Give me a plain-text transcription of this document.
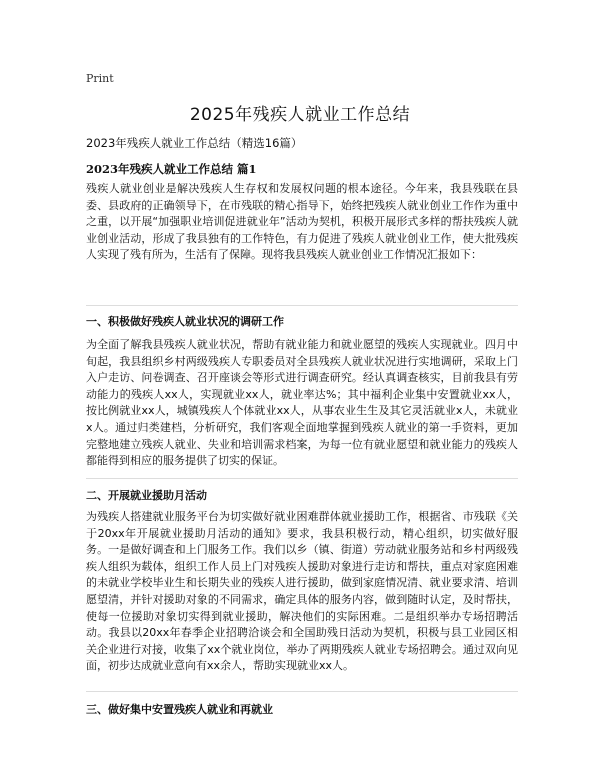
Print
2025年残疾人就业工作总结

2023年残疾人就业工作总结（精选16篇）

2023年残疾人就业工作总结 篇1

残疾人就业创业是解决残疾人生存权和发展权问题的根本途径。今年来，我县残联在县委、县政府的正确领导下，在市残联的精心指导下，始终把残疾人就业创业工作作为重中之重，以开展“加强职业培训促进就业年”活动为契机，积极开展形式多样的帮扶残疾人就业创业活动，形成了我县独有的工作特色，有力促进了残疾人就业创业工作，使大批残疾人实现了残有所为，生活有了保障。现将我县残疾人就业创业工作情况汇报如下：

一、积极做好残疾人就业状况的调研工作

为全面了解我县残疾人就业状况，帮助有就业能力和就业愿望的残疾人实现就业。四月中旬起，我县组织乡村两级残疾人专职委员对全县残疾人就业状况进行实地调研，采取上门入户走访、问卷调查、召开座谈会等形式进行调查研究。经认真调查核实，目前我县有劳动能力的残疾人xx人，实现就业xx人，就业率达%；其中福利企业集中安置就业xx人，按比例就业xx人，城镇残疾人个体就业xx人，从事农业生生及其它灵活就业x人，未就业x人。通过归类建档，分析研究，我们客观全面地掌握到残疾人就业的第一手资料，更加完整地建立残疾人就业、失业和培训需求档案，为每一位有就业愿望和就业能力的残疾人都能得到相应的服务提供了切实的保证。

二、开展就业援助月活动

为残疾人搭建就业服务平台为切实做好就业困难群体就业援助工作，根据省、市残联《关于20xx年开展就业援助月活动的通知》要求，我县积极行动，精心组织，切实做好服务。一是做好调查和上门服务工作。我们以乡（镇、街道）劳动就业服务站和乡村两级残疾人组织为载体，组织工作人员上门对残疾人援助对象进行走访和帮扶，重点对家庭困难的未就业学校毕业生和长期失业的残疾人进行援助，做到家庭情况清、就业要求清、培训愿望清，并针对援助对象的不同需求，确定具体的服务内容，做到随时认定，及时帮扶，使每一位援助对象切实得到就业援助，解决他们的实际困难。二是组织举办专场招聘活动。我县以20xx年春季企业招聘洽谈会和全国助残日活动为契机，积极与县工业园区相关企业进行对接，收集了xx个就业岗位，举办了两期残疾人就业专场招聘会。通过双向见面，初步达成就业意向有xx余人，帮助实现就业xx人。

三、做好集中安置残疾人就业和再就业
